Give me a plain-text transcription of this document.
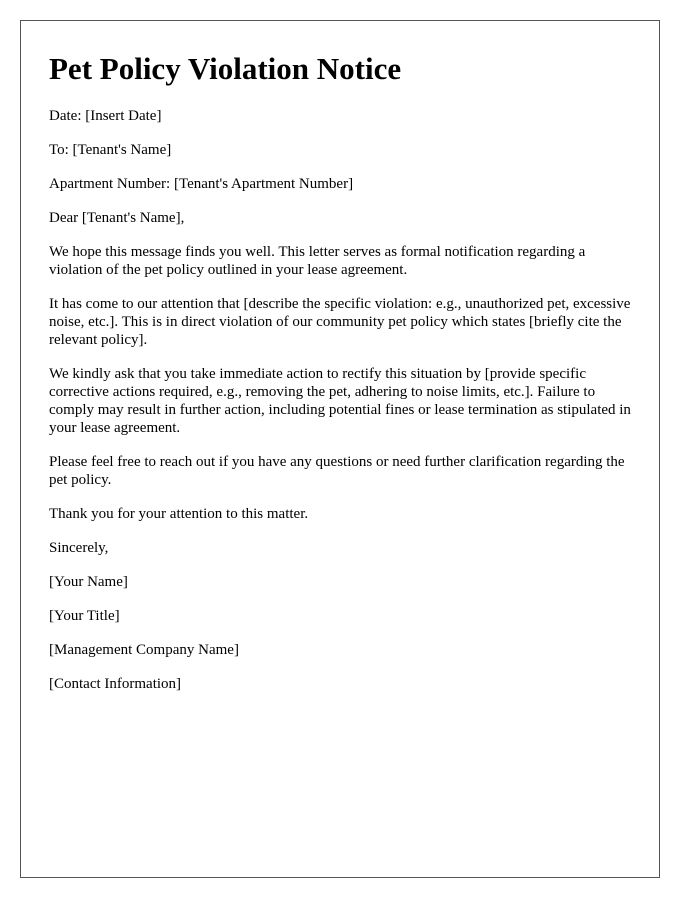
Pet Policy Violation Notice

Date: [Insert Date]

To: [Tenant's Name]

Apartment Number: [Tenant's Apartment Number]

Dear [Tenant's Name],

We hope this message finds you well. This letter serves as formal notification regarding a violation of the pet policy outlined in your lease agreement.

It has come to our attention that [describe the specific violation: e.g., unauthorized pet, excessive noise, etc.]. This is in direct violation of our community pet policy which states [briefly cite the relevant policy].

We kindly ask that you take immediate action to rectify this situation by [provide specific corrective actions required, e.g., removing the pet, adhering to noise limits, etc.]. Failure to comply may result in further action, including potential fines or lease termination as stipulated in your lease agreement.

Please feel free to reach out if you have any questions or need further clarification regarding the pet policy.

Thank you for your attention to this matter.

Sincerely,

[Your Name]

[Your Title]

[Management Company Name]

[Contact Information]
